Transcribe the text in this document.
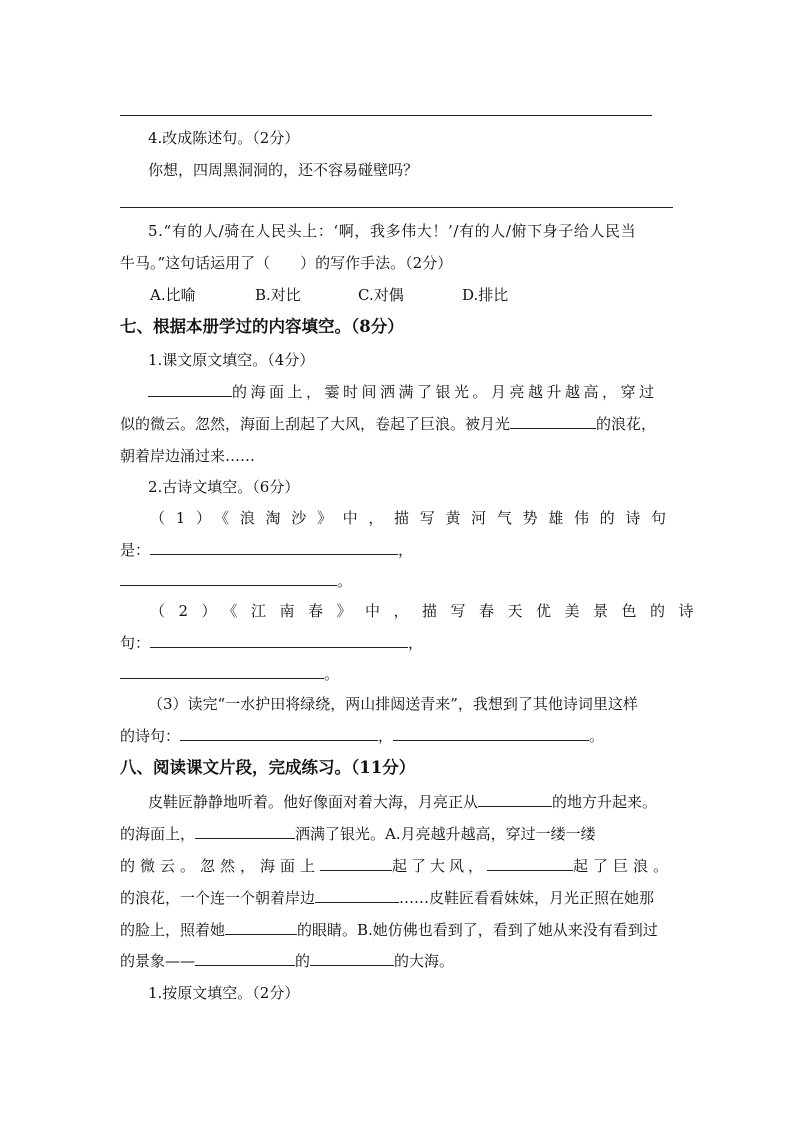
4.改成陈述句。（2分）
你想，四周黑洞洞的，还不容易碰壁吗？
5.“有的人/骑在人民头上：‘啊，我多伟大！’/有的人/俯下身子给人民当
牛马。”这句话运用了（　　）的写作手法。（2分）
A.比喻	B.对比	C.对偶	D.排比
七、根据本册学过的内容填空。（8分）
1.课文原文填空。（4分）
的海面上，霎时间洒满了银光。月亮越升越高，穿过
似的微云。忽然，海面上刮起了大风，卷起了巨浪。被月光	的浪花，
朝着岸边涌过来……
2.古诗文填空。（6分）
（1）《浪淘沙》中，描写黄河气势雄伟的诗句
是：	，
。
（2）《江南春》中，描写春天优美景色的诗
句：	，
。
（3）读完“一水护田将绿绕，两山排闼送青来”，我想到了其他诗词里这样
的诗句：	，	。
八、阅读课文片段，完成练习。（11分）
皮鞋匠静静地听着。他好像面对着大海，月亮正从	的地方升起来。
的海面上，	洒满了银光。A.月亮越升越高，穿过一缕一缕
的微云。忽然，海面上	起了大风，	起了巨浪。
的浪花，一个连一个朝着岸边	……皮鞋匠看看妹妹，月光正照在她那
的脸上，照着她	的眼睛。B.她仿佛也看到了，看到了她从来没有看到过
的景象——	的	的大海。
1.按原文填空。（2分）
